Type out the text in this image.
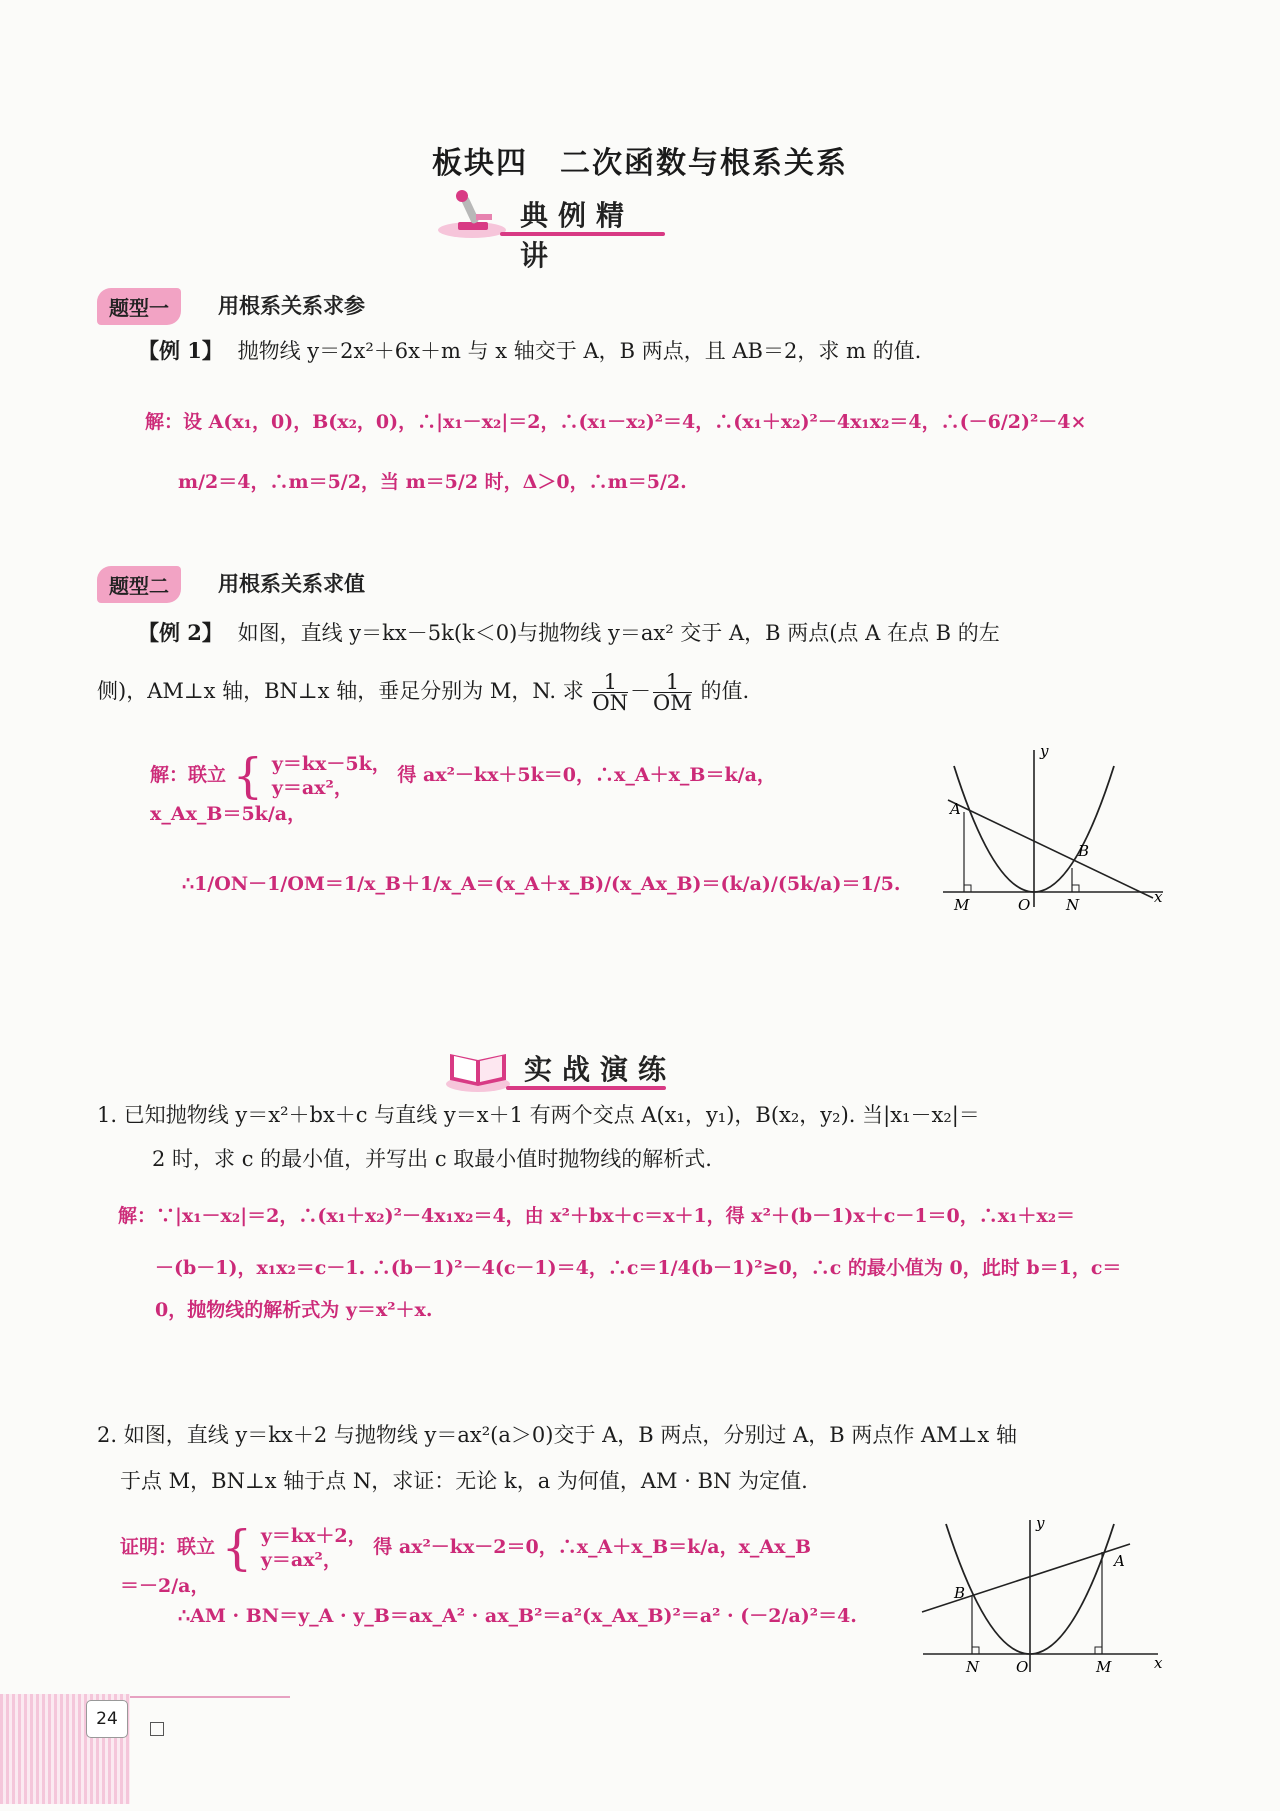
板块四　二次函数与根系关系
典例精讲
题型一	用根系关系求参
【例 1】 抛物线 y＝2x²＋6x＋m 与 x 轴交于 A，B 两点，且 AB＝2，求 m 的值.
解：设 A(x₁，0)，B(x₂，0)，∴|x₁－x₂|＝2，∴(x₁－x₂)²＝4，∴(x₁＋x₂)²－4x₁x₂＝4，∴(－6/2)²－4×
m/2＝4，∴m＝5/2，当 m＝5/2 时，Δ＞0，∴m＝5/2.
题型二	用根系关系求值
【例 2】 如图，直线 y＝kx－5k(k＜0)与抛物线 y＝ax² 交于 A，B 两点(点 A 在点 B 的左
侧)，AM⊥x 轴，BN⊥x 轴，垂足分别为 M，N. 求 $\frac{1}{ON} - \frac{1}{OM}$ 的值.
解：联立 { y＝kx－5k，
y＝ax²， 得 ax²－kx＋5k＝0，∴x_A＋x_B＝k/a，x_Ax_B＝5k/a，
∴1/ON－1/OM＝1/x_B＋1/x_A＝(x_A＋x_B)/(x_Ax_B)＝(k/a)/(5k/a)＝1/5.
y
A
B
M	O N	x
实战演练
1. 已知抛物线 y＝x²＋bx＋c 与直线 y＝x＋1 有两个交点 A(x₁，y₁)，B(x₂，y₂). 当|x₁－x₂|＝
2 时，求 c 的最小值，并写出 c 取最小值时抛物线的解析式.
解：∵|x₁－x₂|＝2，∴(x₁＋x₂)²－4x₁x₂＝4，由 x²＋bx＋c＝x＋1，得 x²＋(b－1)x＋c－1＝0，∴x₁＋x₂＝
－(b－1)，x₁x₂＝c－1. ∴(b－1)²－4(c－1)＝4，∴c＝1/4(b－1)²≥0，∴c 的最小值为 0，此时 b＝1，c＝
0，抛物线的解析式为 y＝x²＋x.
2. 如图，直线 y＝kx＋2 与抛物线 y＝ax²(a＞0)交于 A，B 两点，分别过 A，B 两点作 AM⊥x 轴
于点 M，BN⊥x 轴于点 N，求证：无论 k，a 为何值，AM · BN 为定值.
证明：联立 { y＝kx＋2，
y＝ax²， 得 ax²－kx－2＝0，∴x_A＋x_B＝k/a，x_Ax_B＝－2/a，
∴AM · BN＝y_A · y_B＝ax_A² · ax_B²＝a²(x_Ax_B)²＝a² · (－2/a)²＝4.
y
A
B
N O	M	x
24
